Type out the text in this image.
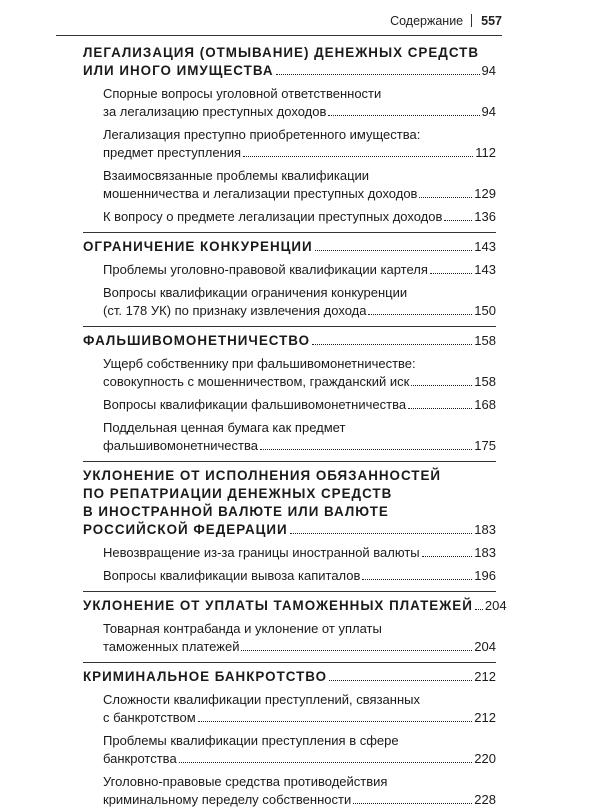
Содержание 557
ЛЕГАЛИЗАЦИЯ (ОТМЫВАНИЕ) ДЕНЕЖНЫХ СРЕДСТВ
ИЛИ ИНОГО ИМУЩЕСТВА	94
Спорные вопросы уголовной ответственности
за легализацию преступных доходов	94
Легализация преступно приобретенного имущества:
предмет преступления	112
Взаимосвязанные проблемы квалификации
мошенничества и легализации преступных доходов	129
К вопросу о предмете легализации преступных доходов 136
ОГРАНИЧЕНИЕ КОНКУРЕНЦИИ	143
Проблемы уголовно-правовой квалификации картеля	143
Вопросы квалификации ограничения конкуренции
(ст. 178 УК) по признаку извлечения дохода	150
ФАЛЬШИВОМОНЕТНИЧЕСТВО	158
Ущерб собственнику при фальшивомонетничестве:
совокупность с мошенничеством, гражданский иск	158
Вопросы квалификации фальшивомонетничества	168
Поддельная ценная бумага как предмет
фальшивомонетничества	175
УКЛОНЕНИЕ ОТ ИСПОЛНЕНИЯ ОБЯЗАННОСТЕЙ
ПО РЕПАТРИАЦИИ ДЕНЕЖНЫХ СРЕДСТВ
В ИНОСТРАННОЙ ВАЛЮТЕ ИЛИ ВАЛЮТЕ
РОССИЙСКОЙ ФЕДЕРАЦИИ	183
Невозвращение из-за границы иностранной валюты	183
Вопросы квалификации вывоза капиталов	196
УКЛОНЕНИЕ ОТ УПЛАТЫ ТАМОЖЕННЫХ ПЛАТЕЖЕЙ 204
Товарная контрабанда и уклонение от уплаты
таможенных платежей	204
КРИМИНАЛЬНОЕ БАНКРОТСТВО	212
Сложности квалификации преступлений, связанных
с банкротством	212
Проблемы квалификации преступления в сфере
банкротства	220
Уголовно-правовые средства противодействия
криминальному переделу собственности	228
